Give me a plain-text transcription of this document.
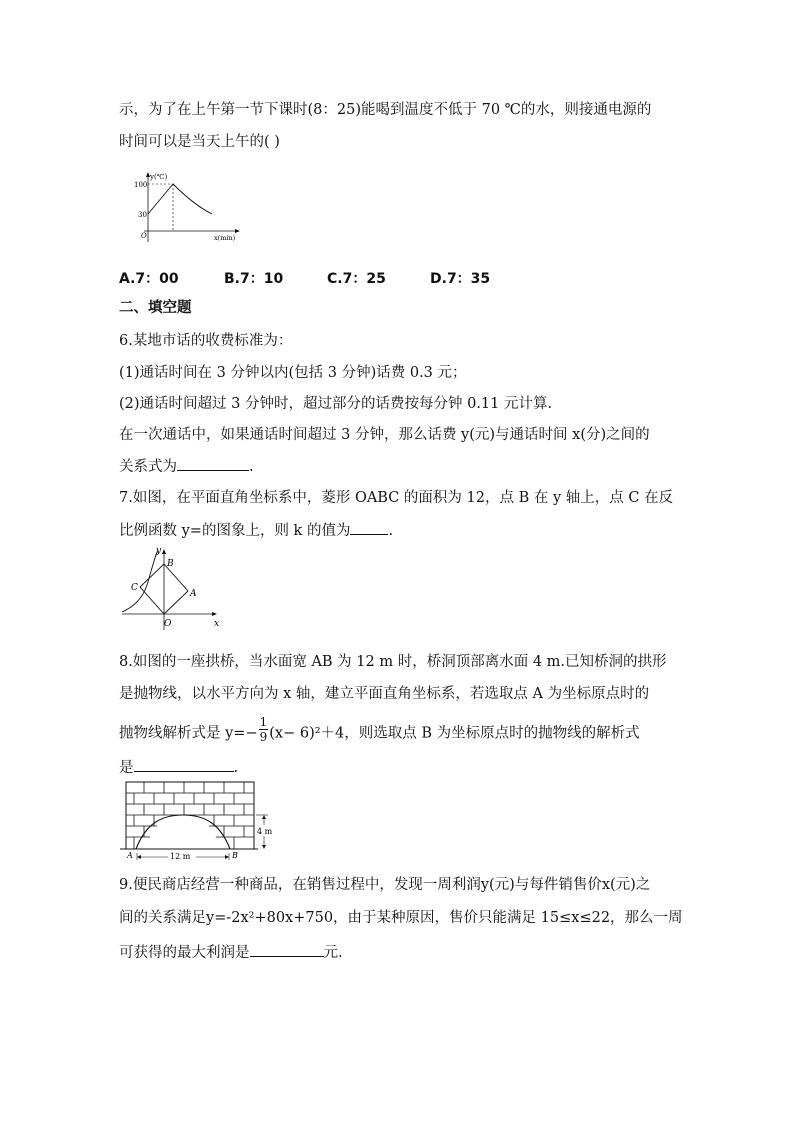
示，为了在上午第一节下课时(8：25)能喝到温度不低于 70 ℃的水，则接通电源的
时间可以是当天上午的( )
y(℃)
100
30
O	x(min)
A.7：00	B.7：10	C.7：25	D.7：35
二、填空题
6.某地市话的收费标准为：
(1)通话时间在 3 分钟以内(包括 3 分钟)话费 0.3 元；
(2)通话时间超过 3 分钟时，超过部分的话费按每分钟 0.11 元计算.
在一次通话中，如果通话时间超过 3 分钟，那么话费 y(元)与通话时间 x(分)之间的
关系式为	.
7.如图，在平面直角坐标系中，菱形 OABC 的面积为 12，点 B 在 y 轴上，点 C 在反
比例函数 y=的图象上，则 k 的值为	.
y
x
B
C
A
O
8.如图的一座拱桥，当水面宽 AB 为 12 m 时，桥洞顶部离水面 4 m.已知桥洞的拱形
是抛物线，以水平方向为 x 轴，建立平面直角坐标系，若选取点 A 为坐标原点时的
抛物线解析式是 $y=- \frac{1}{9} (x- 6)^2+4$，则选取点 B 为坐标原点时的抛物线的解析式
是	.
4 m
12 m
A	B
9.便民商店经营一种商品，在销售过程中，发现一周利润y(元)与每件销售价x(元)之
间的关系满足y=-2x²+80x+750，由于某种原因，售价只能满足 15≤x≤22，那么一周
可获得的最大利润是	元.
